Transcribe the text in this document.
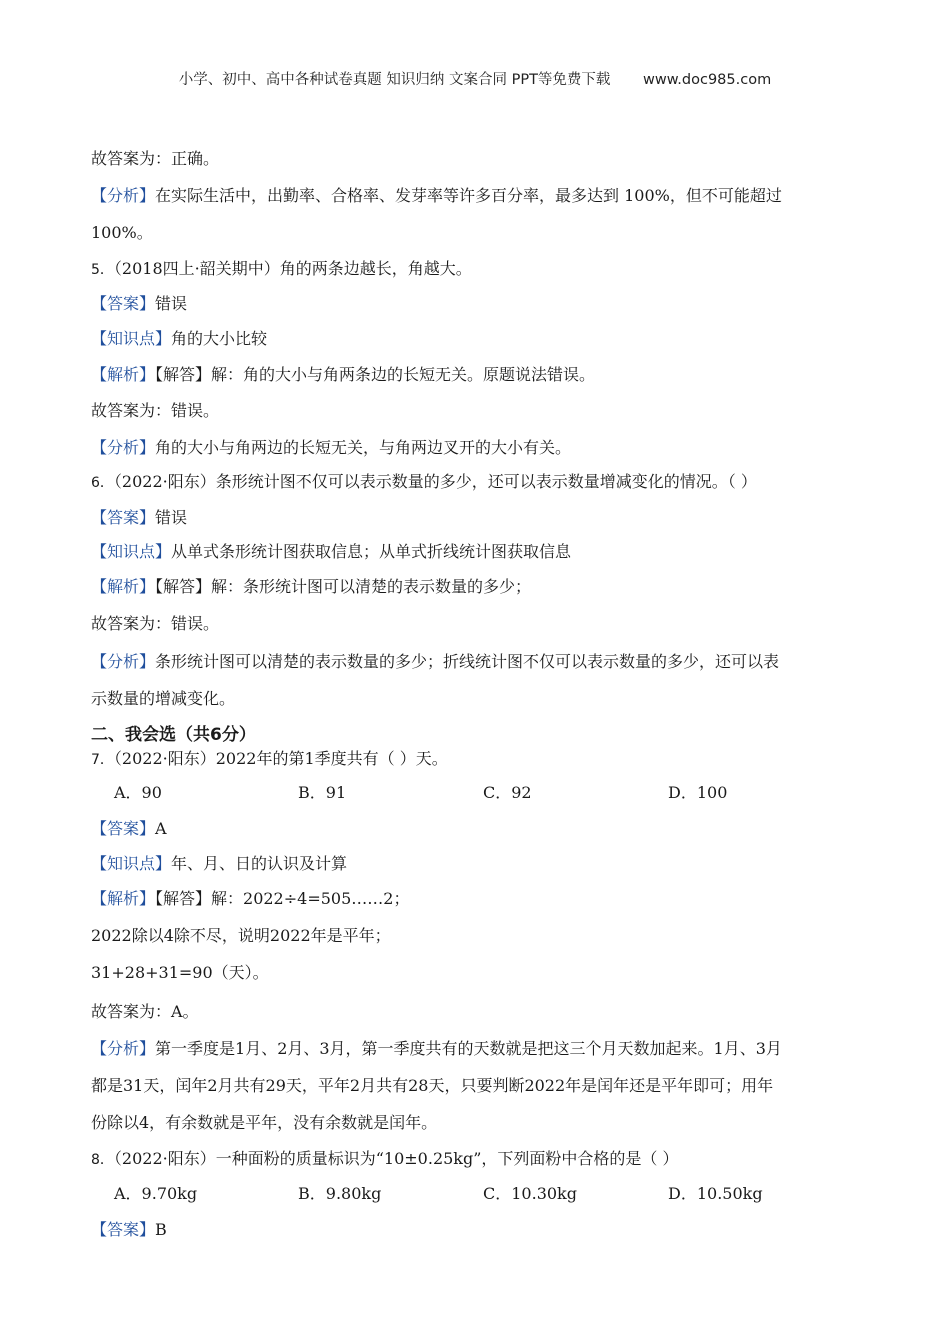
小学、初中、高中各种试卷真题 知识归纳 文案合同 PPT等免费下载 www.doc985.com
故答案为：正确。
【分析】在实际生活中，出勤率、合格率、发芽率等许多百分率，最多达到 100%，但不可能超过
100%。
5．（2018四上·韶关期中）角的两条边越长，角越大。
【答案】错误
【知识点】角的大小比较
【解析】【解答】解：角的大小与角两条边的长短无关。原题说法错误。
故答案为：错误。
【分析】角的大小与角两边的长短无关，与角两边叉开的大小有关。
6．（2022·阳东）条形统计图不仅可以表示数量的多少，还可以表示数量增减变化的情况。（ ）
【答案】错误
【知识点】从单式条形统计图获取信息；从单式折线统计图获取信息
【解析】【解答】解：条形统计图可以清楚的表示数量的多少；
故答案为：错误。
【分析】条形统计图可以清楚的表示数量的多少；折线统计图不仅可以表示数量的多少，还可以表
示数量的增减变化。
二、我会选（共6分）
7．（2022·阳东）2022年的第1季度共有（ ）天。
A．90	B．91	C．92	D．100
【答案】A
【知识点】年、月、日的认识及计算
【解析】【解答】解：2022÷4=505……2；
2022除以4除不尽，说明2022年是平年；
31+28+31=90（天）。
故答案为：A。
【分析】第一季度是1月、2月、3月，第一季度共有的天数就是把这三个月天数加起来。1月、3月
都是31天，闰年2月共有29天，平年2月共有28天，只要判断2022年是闰年还是平年即可；用年
份除以4，有余数就是平年，没有余数就是闰年。
8．（2022·阳东）一种面粉的质量标识为“10±0.25kg”，下列面粉中合格的是（ ）
A．9.70kg	B．9.80kg	C．10.30kg	D．10.50kg
【答案】B
